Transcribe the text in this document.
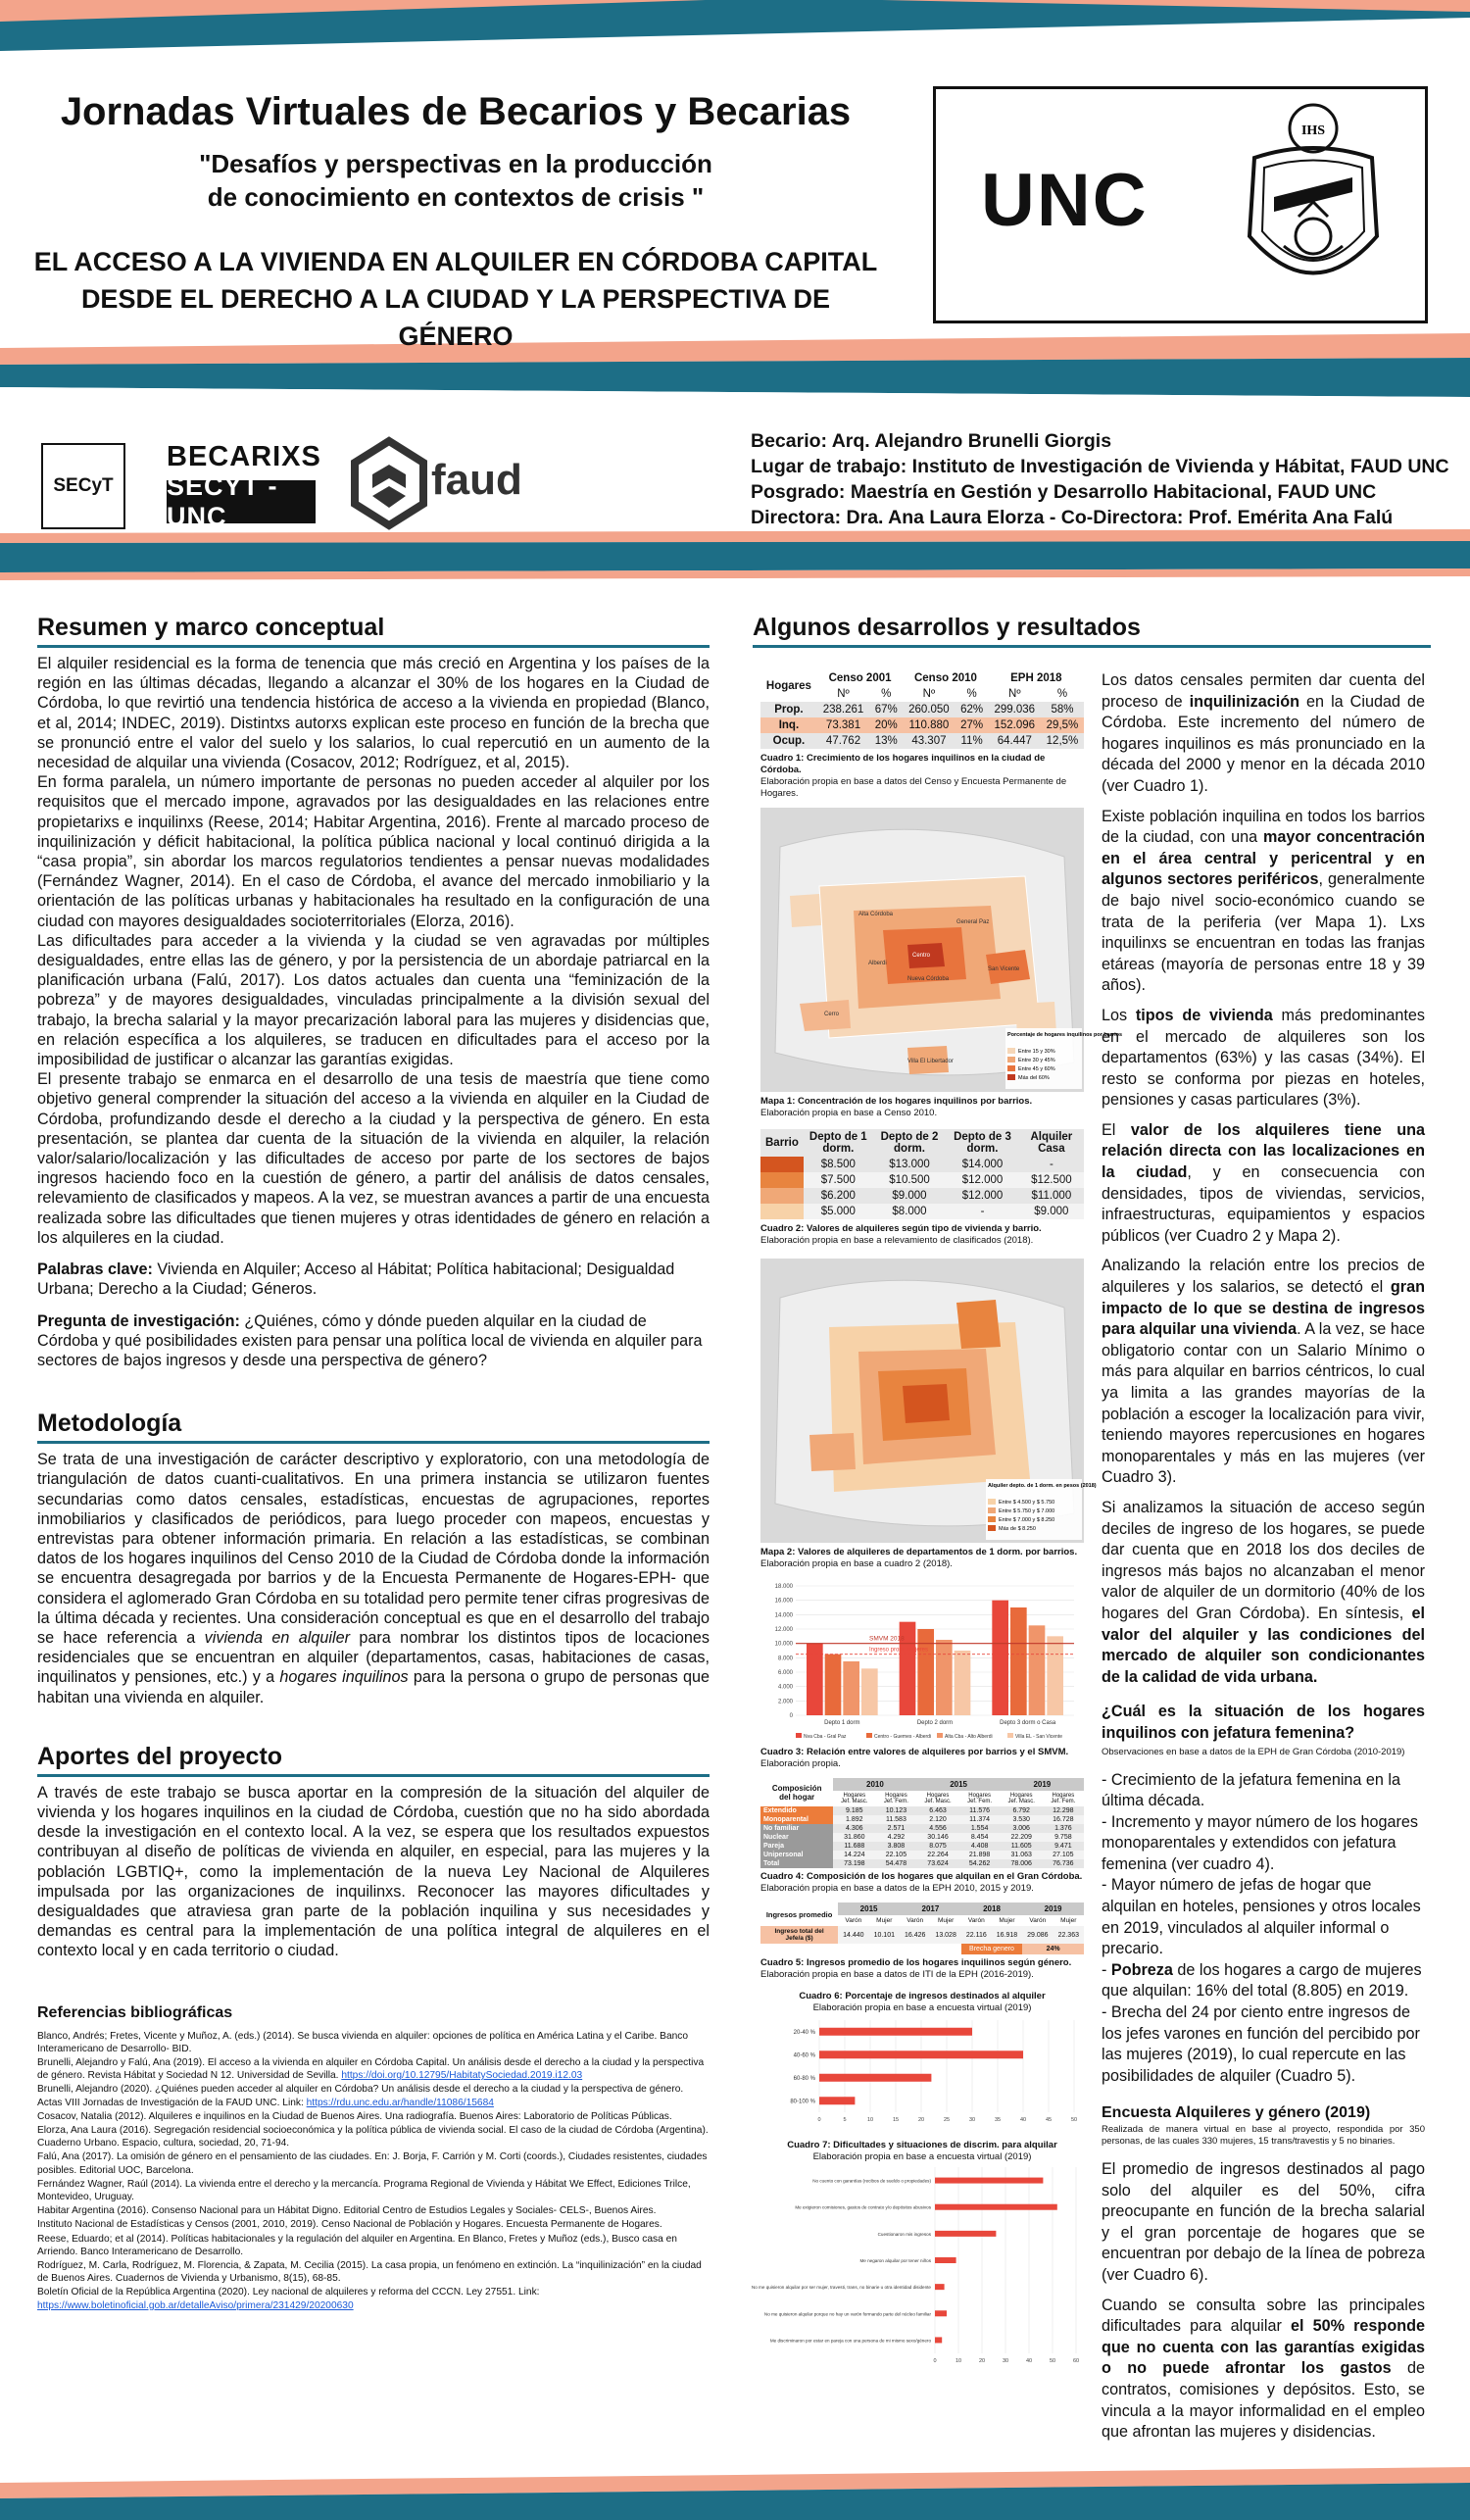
Jornadas Virtuales de Becarios y Becarias
"Desafíos y perspectivas en la producción
de conocimiento en contextos de crisis "
EL ACCESO A LA VIVIENDA EN ALQUILER EN CÓRDOBA CAPITAL
DESDE EL DERECHO A LA CIUDAD Y LA PERSPECTIVA DE GÉNERO
UNC
IHS
SECyT
BECARIXS
SECYT -UNC
faud
Becario: Arq. Alejandro Brunelli Giorgis
Lugar de trabajo: Instituto de Investigación de Vivienda y Hábitat, FAUD UNC
Posgrado: Maestría en Gestión y Desarrollo Habitacional, FAUD UNC
Directora: Dra. Ana Laura Elorza - Co-Directora: Prof. Emérita Ana Falú
Resumen y marco conceptual

El alquiler residencial es la forma de tenencia que más creció en Argentina y los países de la región en las últimas décadas, llegando a alcanzar el 30% de los hogares en la Ciudad de Córdoba, lo que revirtió una tendencia histórica de acceso a la vivienda en propiedad (Blanco, et al, 2014; INDEC, 2019). Distintxs autorxs explican este proceso en función de la brecha que se pronunció entre el valor del suelo y los salarios, lo cual repercutió en un aumento de la necesidad de alquilar una vivienda (Cosacov, 2012; Rodríguez, et al, 2015).

En forma paralela, un número importante de personas no pueden acceder al alquiler por los requisitos que el mercado impone, agravados por las desigualdades en las relaciones entre propietarixs e inquilinxs (Reese, 2014; Habitar Argentina, 2016). Frente al marcado proceso de inquilinización y déficit habitacional, la política pública nacional y local continuó dirigida a la “casa propia”, sin abordar los marcos regulatorios tendientes a pensar nuevas modalidades (Fernández Wagner, 2014). En el caso de Córdoba, el avance del mercado inmobiliario y la orientación de las políticas urbanas y habitacionales ha resultado en la configuración de una ciudad con mayores desigualdades socioterritoriales (Elorza, 2016).

Las dificultades para acceder a la vivienda y la ciudad se ven agravadas por múltiples desigualdades, entre ellas las de género, y por la persistencia de un abordaje patriarcal en la planificación urbana (Falú, 2017). Los datos actuales dan cuenta una “feminización de la pobreza” y de mayores desigualdades, vinculadas principalmente a la división sexual del trabajo, la brecha salarial y la mayor precarización laboral para las mujeres y disidencias que, en relación específica a los alquileres, se traducen en dificultades para el acceso por la imposibilidad de justificar o alcanzar las garantías exigidas.

El presente trabajo se enmarca en el desarrollo de una tesis de maestría que tiene como objetivo general comprender la situación del acceso a la vivienda en alquiler en la Ciudad de Córdoba, profundizando desde el derecho a la ciudad y la perspectiva de género. En esta presentación, se plantea dar cuenta de la situación de la vivienda en alquiler, la relación valor/salario/localización y las dificultades de acceso por parte de los sectores de bajos ingresos haciendo foco en la cuestión de género, a partir del análisis de datos censales, relevamiento de clasificados y mapeos. A la vez, se muestran avances a partir de una encuesta realizada sobre las dificultades que tienen mujeres y otras identidades de género en relación a los alquileres en la ciudad.

Palabras clave: Vivienda en Alquiler; Acceso al Hábitat; Política habitacional; Desigualdad Urbana; Derecho a la Ciudad; Géneros.

Pregunta de investigación: ¿Quiénes, cómo y dónde pueden alquilar en la ciudad de Córdoba y qué posibilidades existen para pensar una política local de vivienda en alquiler para sectores de bajos ingresos y desde una perspectiva de género?

Metodología
Se trata de una investigación de carácter descriptivo y exploratorio, con una metodología de triangulación de datos cuanti-cualitativos. En una primera instancia se utilizaron fuentes secundarias como datos censales, estadísticas, encuestas de agrupaciones, reportes inmobiliarios y clasificados de periódicos, para luego proceder con mapeos, encuestas y entrevistas para obtener información primaria. En relación a las estadísticas, se combinan datos de los hogares inquilinos del Censo 2010 de la Ciudad de Córdoba donde la información se encuentra desagregada por barrios y de la Encuesta Permanente de Hogares-EPH- que considera el aglomerado Gran Córdoba en su totalidad pero permite tener cifras progresivas de la última década y recientes. Una consideración conceptual es que en el desarrollo del trabajo se hace referencia a vivienda en alquiler para nombrar los distintos tipos de locaciones residenciales que se encuentran en alquiler (departamentos, casas, habitaciones de casas, inquilinatos y pensiones, etc.) y a hogares inquilinos para la persona o grupo de personas que habitan una vivienda en alquiler.
Aportes del proyecto
A través de este trabajo se busca aportar en la compresión de la situación del alquiler de vivienda y los hogares inquilinos en la ciudad de Córdoba, cuestión que no ha sido abordada desde la investigación en el contexto local. A la vez, se espera que los resultados expuestos contribuyan al diseño de políticas de vivienda en alquiler, en especial, para las mujeres y la población LGBTIQ+, como la implementación de la nueva Ley Nacional de Alquileres impulsada por las organizaciones de inquilinxs. Reconocer las mayores dificultades y desigualdades que atraviesa gran parte de la población inquilina y sus necesidades y demandas es central para la implementación de una política integral de alquileres en el contexto local y en cada territorio o ciudad.
Referencias bibliográficas
Blanco, Andrés; Fretes, Vicente y Muñoz, A. (eds.) (2014). Se busca vivienda en alquiler: opciones de política en América Latina y el Caribe. Banco Interamericano de Desarrollo- BID.
Brunelli, Alejandro y Falú, Ana (2019). El acceso a la vivienda en alquiler en Córdoba Capital. Un análisis desde el derecho a la ciudad y la perspectiva de género. Revista Hábitat y Sociedad N 12. Universidad de Sevilla. https://doi.org/10.12795/HabitatySociedad.2019.i12.03
Brunelli, Alejandro (2020). ¿Quiénes pueden acceder al alquiler en Córdoba? Un análisis desde el derecho a la ciudad y la perspectiva de género. Actas VIII Jornadas de Investigación de la FAUD UNC. Link: https://rdu.unc.edu.ar/handle/11086/15684
Cosacov, Natalia (2012). Alquileres e inquilinos en la Ciudad de Buenos Aires. Una radiografía. Buenos Aires: Laboratorio de Políticas Públicas.
Elorza, Ana Laura (2016). Segregación residencial socioeconómica y la política pública de vivienda social. El caso de la ciudad de Córdoba (Argentina). Cuaderno Urbano. Espacio, cultura, sociedad, 20, 71-94.
Falú, Ana (2017). La omisión de género en el pensamiento de las ciudades. En: J. Borja, F. Carrión y M. Corti (coords.), Ciudades resistentes, ciudades posibles. Editorial UOC, Barcelona.
Fernández Wagner, Raúl (2014). La vivienda entre el derecho y la mercancía. Programa Regional de Vivienda y Hábitat We Effect, Ediciones Trilce, Montevideo, Uruguay.
Habitar Argentina (2016). Consenso Nacional para un Hábitat Digno. Editorial Centro de Estudios Legales y Sociales- CELS-, Buenos Aires.
Instituto Nacional de Estadísticas y Censos (2001, 2010, 2019). Censo Nacional de Población y Hogares. Encuesta Permanente de Hogares.
Reese, Eduardo; et al (2014). Políticas habitacionales y la regulación del alquiler en Argentina. En Blanco, Fretes y Muñoz (eds.), Busco casa en Arriendo. Banco Interamericano de Desarrollo.
Rodríguez, M. Carla, Rodríguez, M. Florencia, & Zapata, M. Cecilia (2015). La casa propia, un fenómeno en extinción. La “inquilinización” en la ciudad de Buenos Aires. Cuadernos de Vivienda y Urbanismo, 8(15), 68-85.
Boletín Oficial de la República Argentina (2020). Ley nacional de alquileres y reforma del CCCN. Ley 27551. Link:
https://www.boletinoficial.gob.ar/detalleAviso/primera/231429/20200630
Algunos desarrollos y resultados
Hogares	Censo 2001		Censo 2010		EPH 2018	
	Nº	%	Nº	%	Nº	%
Prop.	238.261	67%	260.050	62%	299.036	58%
Inq.	73.381	20%	110.880	27%	152.096	29,5%
Ocup.	47.762	13%	43.307	11%	64.447	12,5%
Cuadro 1: Crecimiento de los hogares inquilinos en la ciudad de Córdoba.
Elaboración propia en base a datos del Censo y Encuesta Permanente de Hogares.
Alta Córdoba
General Paz
Centro
Nueva Córdoba
Alberdi
San Vicente
Cerro
Villa El Libertador
Porcentaje de hogares inquilinos por barrios
Entre 15 y 30%
Entre 30 y 45%
Entre 45 y 60%
Más del 60%
Mapa 1: Concentración de los hogares inquilinos por barrios.
Elaboración propia en base a Censo 2010.
Barrio	Depto de 1 dorm.	Depto de 2 dorm.	Depto de 3 dorm.	Alquiler Casa
	$8.500	$13.000	$14.000	-
	$7.500	$10.500	$12.000	$12.500
	$6.200	$9.000	$12.000	$11.000
	$5.000	$8.000	-	$9.000
Cuadro 2: Valores de alquileres según tipo de vivienda y barrio.
Elaboración propia en base a relevamiento de clasificados (2018).
Alquiler depto. de 1 dorm. en pesos (2018)
Entre $ 4.500 y $ 5.750
Entre $ 5.750 y $ 7.000
Entre $ 7.000 y $ 8.250
Más de $ 8.250
Mapa 2: Valores de alquileres de departamentos de 1 dorm. por barrios.
Elaboración propia en base a cuadro 2 (2018).
18.000
16.000
14.000
12.000
10.000
8.000
6.000
4.000
2.000
0
Depto 1 dorm	Depto 2 dorm	Depto 3 dorm o Casa
SMVM 2018
Ingreso prom. mujeres
Nva Cba - Gral Paz	Centro - Guemes - Alberdi	Alta Cba - Alto Alberdi	Villa EL - San Vicente
Cuadro 3: Relación entre valores de alquileres por barrios y el SMVM.
Elaboración propia.
Composición del hogar	2010		2015		2019	
	Hogares Jef. Masc.	Hogares Jef. Fem.	Hogares Jef. Masc.	Hogares Jef. Fem.	Hogares Jef. Masc.	Hogares Jef. Fem.
Extendido	9.185	10.123	6.463	11.576	6.792	12.298
Monoparental	1.892	11.583	2.120	11.374	3.530	16.728
No familiar	4.306	2.571	4.556	1.554	3.006	1.376
Nuclear	31.860	4.292	30.146	8.454	22.209	9.758
Pareja	11.688	3.808	8.075	4.408	11.605	9.471
Unipersonal	14.224	22.105	22.264	21.898	31.063	27.105
Total	73.198	54.478	73.624	54.262	78.006	76.736
Cuadro 4: Composición de los hogares que alquilan en el Gran Córdoba.
Elaboración propia en base a datos de la EPH 2010, 2015 y 2019.
Ingresos promedio	2015		2017		2018		2019	
	Varón	Mujer	Varón	Mujer	Varón	Mujer	Varón	Mujer
Ingreso total del Jefe/a ($)	14.440	10.101	16.426	13.028	22.116	16.918	29.086	22.363
					Brecha genero		24%	
Cuadro 5: Ingresos promedio de los hogares inquilinos según género.
Elaboración propia en base a datos de ITI de la EPH (2016-2019).
Cuadro 6: Porcentaje de ingresos destinados al alquiler
Elaboración propia en base a encuesta virtual (2019)
0	5	10	15	20	25	30	35	40	45	50
20-40 %
40-60 %
60-80 %
80-100 %
Cuadro 7: Dificultades y situaciones de discrim. para alquilar
Elaboración propia en base a encuesta virtual (2019)
0	10	20	30	40	50	60
No cuento con garantías (recibos de sueldo o propiedades)
Me exigieron comisiones, gastos de contrato y/o depósitos abusivos
Cuestionaron mis ingresos
Me negaron alquilar por tener niños
No me quisieron alquilar por ser mujer, travesti, trans, no binarie u otra identidad disidente
No me quisieron alquilar porque no hay un varón formando parte del núcleo familiar
Me discriminaron por estar en pareja con una persona de mi mismo sexo/género

Los datos censales permiten dar cuenta del proceso de inquilinización en la Ciudad de Córdoba. Este incremento del número de hogares inquilinos es más pronunciado en la década del 2000 y menor en la década 2010 (ver Cuadro 1).

Existe población inquilina en todos los barrios de la ciudad, con una mayor concentración en el área central y pericentral y en algunos sectores periféricos, generalmente de bajo nivel socio-económico cuando se trata de la periferia (ver Mapa 1). Lxs inquilinxs se encuentran en todas las franjas etáreas (mayoría de personas entre 18 y 39 años).

Los tipos de vivienda más predominantes en el mercado de alquileres son los departamentos (63%) y las casas (34%). El resto se conforma por piezas en hoteles, pensiones y casas particulares (3%).

El valor de los alquileres tiene una relación directa con las localizaciones en la ciudad, y en consecuencia con densidades, tipos de viviendas, servicios, infraestructuras, equipamientos y espacios públicos (ver Cuadro 2 y Mapa 2).

Analizando la relación entre los precios de alquileres y los salarios, se detectó el gran impacto de lo que se destina de ingresos para alquilar una vivienda. A la vez, se hace obligatorio contar con un Salario Mínimo o más para alquilar en barrios céntricos, lo cual ya limita a las grandes mayorías de la población a escoger la localización para vivir, teniendo mayores repercusiones en hogares monoparentales y más en las mujeres (ver Cuadro 3).

Si analizamos la situación de acceso según deciles de ingreso de los hogares, se puede dar cuenta que en 2018 los dos deciles de ingresos más bajos no alcanzaban el menor valor de alquiler de un dormitorio (40% de los hogares del Gran Córdoba). En síntesis, el valor del alquiler y las condiciones del mercado de alquiler son condicionantes de la calidad de vida urbana.

¿Cuál es la situación de los hogares inquilinos con jefatura femenina?

Observaciones en base a datos de la EPH de Gran Córdoba (2010-2019)
- Crecimiento de la jefatura femenina en la última década.
- Incremento y mayor número de los hogares monoparentales y extendidos con jefatura femenina (ver cuadro 4).
- Mayor número de jefas de hogar que alquilan en hoteles, pensiones y otros locales en 2019, vinculados al alquiler informal o precario.
- Pobreza de los hogares a cargo de mujeres que alquilan: 16% del total (8.805) en 2019.
- Brecha del 24 por ciento entre ingresos de los jefes varones en función del percibido por las mujeres (2019), lo cual repercute en las posibilidades de alquiler (Cuadro 5).
Encuesta Alquileres y género (2019)
Realizada de manera virtual en base al proyecto, respondida por 350 personas, de las cuales 330 mujeres, 15 trans/travestis y 5 no binaries.

El promedio de ingresos destinados al pago solo del alquiler es del 50%, cifra preocupante en función de la brecha salarial y el gran porcentaje de hogares que se encuentran por debajo de la línea de pobreza (ver Cuadro 6).

Cuando se consulta sobre las principales dificultades para alquilar el 50% responde que no cuenta con las garantías exigidas o no puede afrontar los gastos de contratos, comisiones y depósitos. Esto, se vincula a la mayor informalidad en el empleo que afrontan las mujeres y disidencias.
